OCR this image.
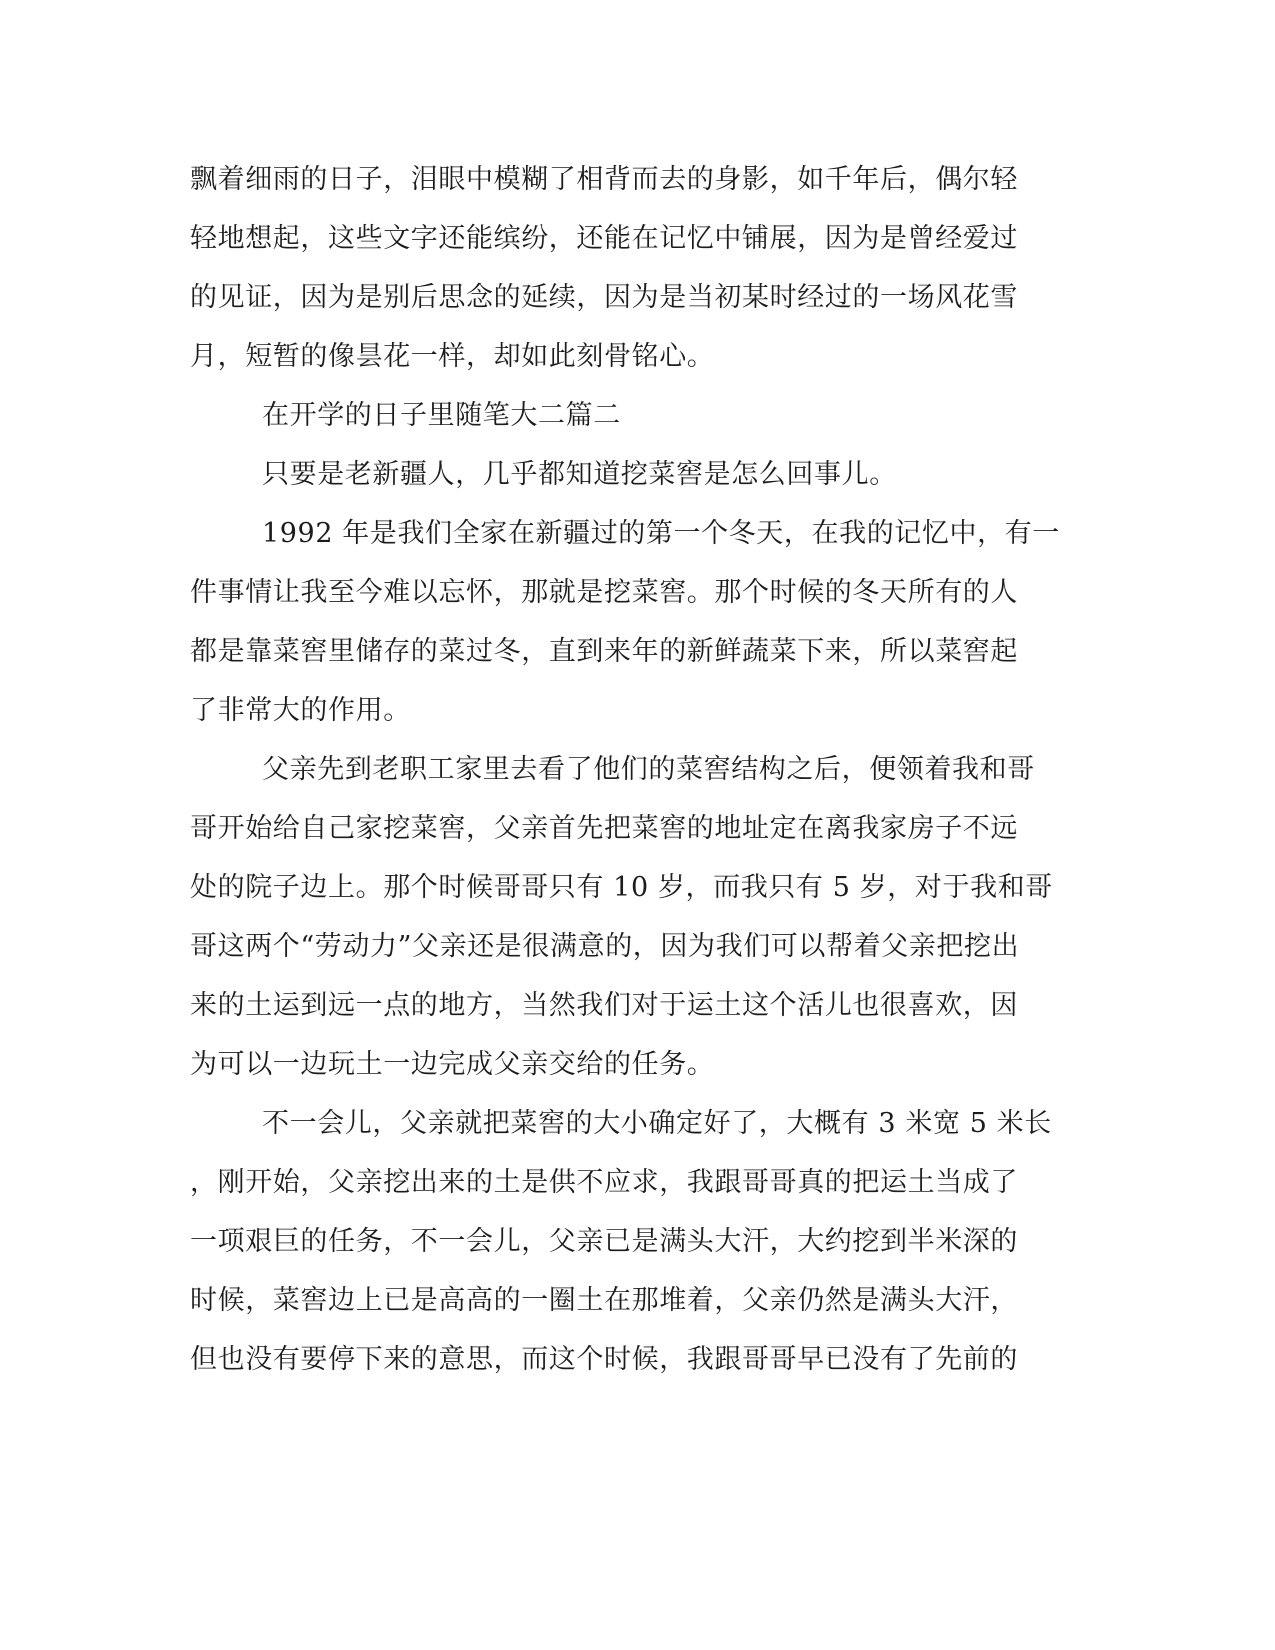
飘着细雨的日子，泪眼中模糊了相背而去的身影，如千年后，偶尔轻
轻地想起，这些文字还能缤纷，还能在记忆中铺展，因为是曾经爱过
的见证，因为是别后思念的延续，因为是当初某时经过的一场风花雪
月，短暂的像昙花一样，却如此刻骨铭心。
在开学的日子里随笔大二篇二
只要是老新疆人，几乎都知道挖菜窖是怎么回事儿。
1992 年是我们全家在新疆过的第一个冬天，在我的记忆中，有一
件事情让我至今难以忘怀，那就是挖菜窖。那个时候的冬天所有的人
都是靠菜窖里储存的菜过冬，直到来年的新鲜蔬菜下来，所以菜窖起
了非常大的作用。
父亲先到老职工家里去看了他们的菜窖结构之后，便领着我和哥
哥开始给自己家挖菜窖，父亲首先把菜窖的地址定在离我家房子不远
处的院子边上。那个时候哥哥只有 10 岁，而我只有 5 岁，对于我和哥
哥这两个“劳动力”父亲还是很满意的，因为我们可以帮着父亲把挖出
来的土运到远一点的地方，当然我们对于运土这个活儿也很喜欢，因
为可以一边玩土一边完成父亲交给的任务。
不一会儿，父亲就把菜窖的大小确定好了，大概有 3 米宽 5 米长
，刚开始，父亲挖出来的土是供不应求，我跟哥哥真的把运土当成了
一项艰巨的任务，不一会儿，父亲已是满头大汗，大约挖到半米深的
时候，菜窖边上已是高高的一圈土在那堆着，父亲仍然是满头大汗，
但也没有要停下来的意思，而这个时候，我跟哥哥早已没有了先前的
